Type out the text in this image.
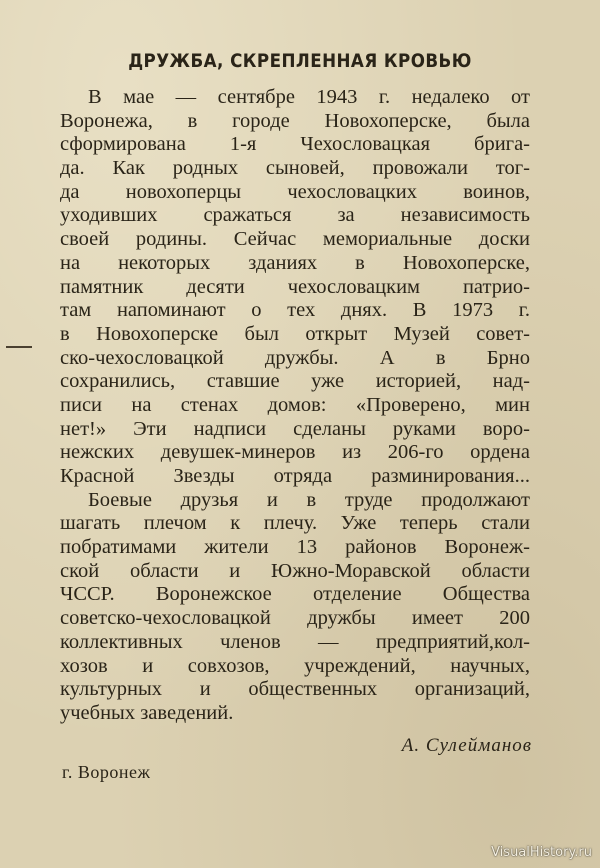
ДРУЖБА, СКРЕПЛЕННАЯ КРОВЬЮ
В мае — сентябре 1943 г. недалеко от
Воронежа, в городе Новохоперске, была
сформирована 1-я Чехословацкая брига-
да. Как родных сыновей, провожали тог-
да новохоперцы чехословацких воинов,
уходивших сражаться за независимость
своей родины. Сейчас мемориальные доски
на некоторых зданиях в Новохоперске,
памятник десяти чехословацким патрио-
там напоминают о тех днях. В 1973 г.
в Новохоперске был открыт Музей совет-
ско-чехословацкой дружбы. А в Брно
сохранились, ставшие уже историей, над-
писи на стенах домов: «Проверено, мин
нет!» Эти надписи сделаны руками воро-
нежских девушек-минеров из 206-го ордена
Красной Звезды отряда разминирования...
Боевые друзья и в труде продолжают
шагать плечом к плечу. Уже теперь стали
побратимами жители 13 районов Воронеж-
ской области и Южно-Моравской области
ЧССР. Воронежское отделение Общества
советско-чехословацкой дружбы имеет 200
коллективных членов — предприятий,кол-
хозов и совхозов, учреждений, научных,
культурных и общественных организаций,
учебных заведений.
А. Сулейманов
г. Воронеж
VisualHistory.ru
